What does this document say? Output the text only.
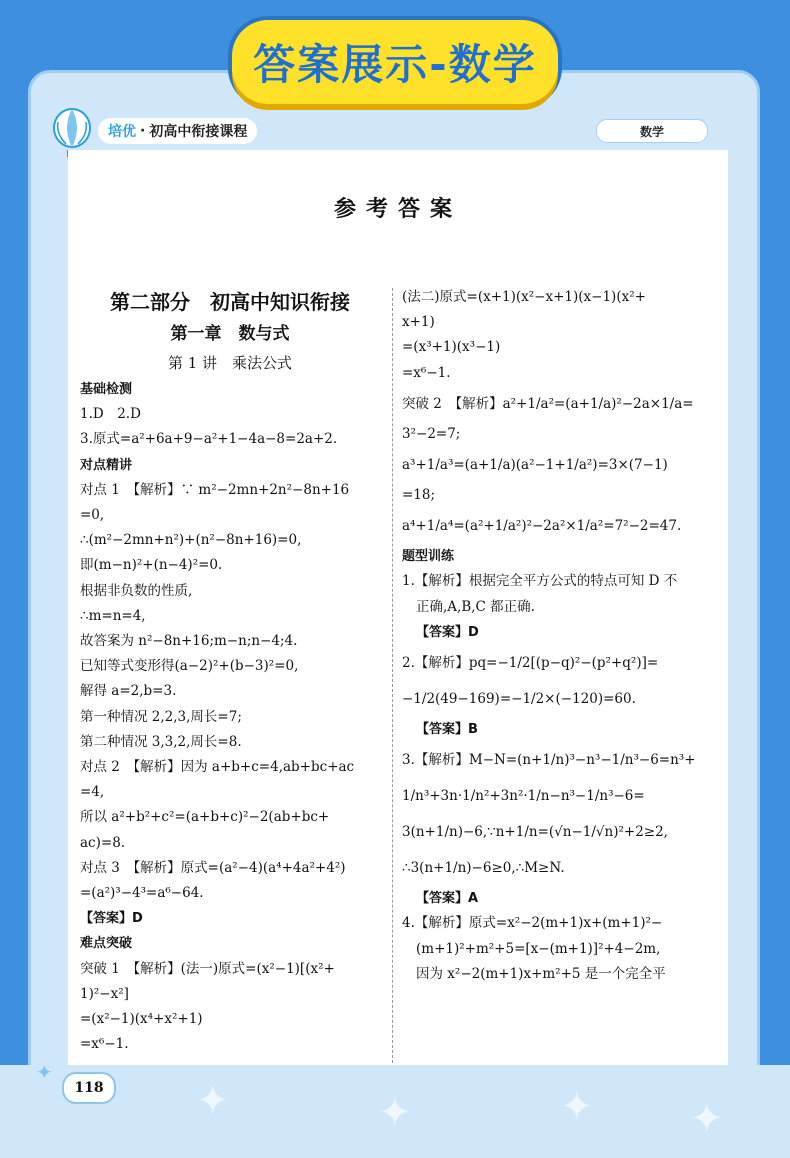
答案展示-数学
培优 · 初高中衔接课程	数学
参考答案
第二部分　初高中知识衔接
第一章　数与式
第 1 讲　乘法公式
基础检测
1.D　2.D
3.原式=a²+6a+9−a²+1−4a−8=2a+2.
对点精讲
对点 1　【解析】∵ m²−2mn+2n²−8n+16
=0,
∴(m²−2mn+n²)+(n²−8n+16)=0,
即(m−n)²+(n−4)²=0.
根据非负数的性质,
∴m=n=4,
故答案为 n²−8n+16;m−n;n−4;4.
已知等式变形得(a−2)²+(b−3)²=0,
解得 a=2,b=3.
第一种情况 2,2,3,周长=7;
第二种情况 3,3,2,周长=8.
对点 2　【解析】因为 a+b+c=4,ab+bc+ac
=4,
所以 a²+b²+c²=(a+b+c)²−2(ab+bc+
ac)=8.
对点 3　【解析】原式=(a²−4)(a⁴+4a²+4²)
=(a²)³−4³=a⁶−64.
【答案】D
难点突破
突破 1　【解析】(法一)原式=(x²−1)[(x²+
1)²−x²]
=(x²−1)(x⁴+x²+1)
=x⁶−1.
(法二)原式=(x+1)(x²−x+1)(x−1)(x²+
x+1)
=(x³+1)(x³−1)
=x⁶−1.
突破 2　【解析】a²+1/a²=(a+1/a)²−2a×1/a=
3²−2=7;
a³+1/a³=(a+1/a)(a²−1+1/a²)=3×(7−1)
=18;
a⁴+1/a⁴=(a²+1/a²)²−2a²×1/a²=7²−2=47.
题型训练
1.【解析】根据完全平方公式的特点可知 D 不
正确,A,B,C 都正确.
【答案】D
2.【解析】pq=−1/2[(p−q)²−(p²+q²)]=
−1/2(49−169)=−1/2×(−120)=60.
【答案】B
3.【解析】M−N=(n+1/n)³−n³−1/n³−6=n³+
1/n³+3n·1/n²+3n²·1/n−n³−1/n³−6=
3(n+1/n)−6,∵n+1/n=(√n−1/√n)²+2≥2,
∴3(n+1/n)−6≥0,∴M≥N.
【答案】A
4.【解析】原式=x²−2(m+1)x+(m+1)²−
(m+1)²+m²+5=[x−(m+1)]²+4−2m,
因为 x²−2(m+1)x+m²+5 是一个完全平
✦	✦	✦ ✦
✦
118
